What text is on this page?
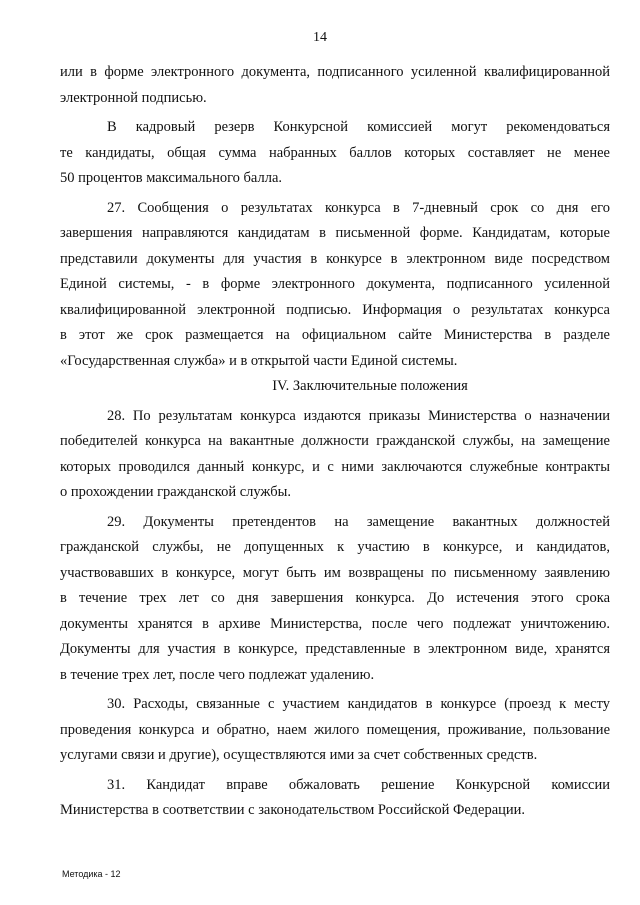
14
или в форме электронного документа, подписанного усиленной квалифицированной
электронной подписью.
В кадровый резерв Конкурсной комиссией могут рекомендоваться
те кандидаты, общая сумма набранных баллов которых составляет не менее
50 процентов максимального балла.
27. Сообщения о результатах конкурса в 7-дневный срок со дня его
завершения направляются кандидатам в письменной форме. Кандидатам, которые
представили документы для участия в конкурсе в электронном виде посредством
Единой системы, - в форме электронного документа, подписанного усиленной
квалифицированной электронной подписью. Информация о результатах конкурса
в этот же срок размещается на официальном сайте Министерства в разделе
«Государственная служба» и в открытой части Единой системы.
IV. Заключительные положения
28. По результатам конкурса издаются приказы Министерства о назначении
победителей конкурса на вакантные должности гражданской службы, на замещение
которых проводился данный конкурс, и с ними заключаются служебные контракты
о прохождении гражданской службы.
29. Документы претендентов на замещение вакантных должностей
гражданской службы, не допущенных к участию в конкурсе, и кандидатов,
участвовавших в конкурсе, могут быть им возвращены по письменному заявлению
в течение трех лет со дня завершения конкурса. До истечения этого срока
документы хранятся в архиве Министерства, после чего подлежат уничтожению.
Документы для участия в конкурсе, представленные в электронном виде, хранятся
в течение трех лет, после чего подлежат удалению.
30. Расходы, связанные с участием кандидатов в конкурсе (проезд к месту
проведения конкурса и обратно, наем жилого помещения, проживание, пользование
услугами связи и другие), осуществляются ими за счет собственных средств.
31. Кандидат вправе обжаловать решение Конкурсной комиссии
Министерства в соответствии с законодательством Российской Федерации.
Методика - 12
